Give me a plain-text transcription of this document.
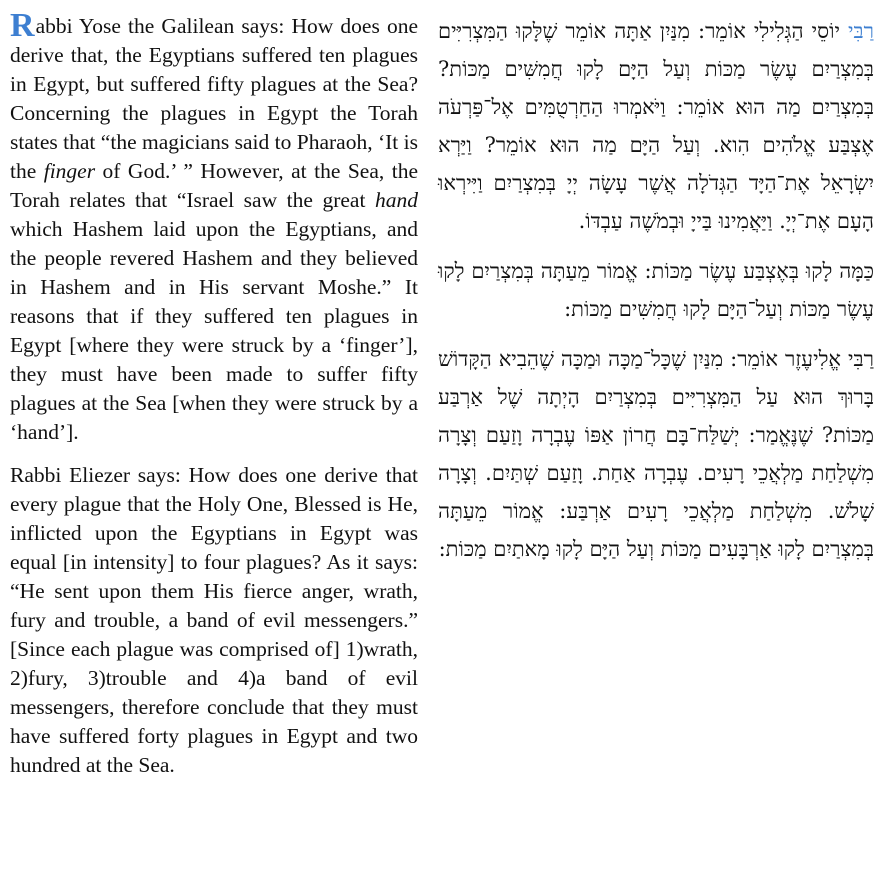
Rabbi Yose the Galilean says: How does one derive that, the Egyptians suffered ten plagues in Egypt, but suffered fifty plagues at the Sea? Concerning the plagues in Egypt the Torah states that “the magicians said to Pharaoh, ‘It is the finger of God.’ ” However, at the Sea, the Torah relates that “Israel saw the great hand which Hashem laid upon the Egyptians, and the people revered Hashem and they believed in Hashem and in His servant Moshe.” It reasons that if they suffered ten plagues in Egypt [where they were struck by a ‘finger’], they must have been made to suffer fifty plagues at the Sea [when they were struck by a ‘hand’].

Rabbi Eliezer says: How does one derive that every plague that the Holy One, Blessed is He, inflicted upon the Egyptians in Egypt was equal [in intensity] to four plagues? As it says: “He sent upon them His fierce anger, wrath, fury and trouble, a band of evil messengers.” [Since each plague was comprised of] 1)wrath, 2)fury, 3)trouble and 4)a band of evil messengers, therefore conclude that they must have suffered forty plagues in Egypt and two hundred at the Sea.

רַבִּי יוֹסֵי הַגְּלִילִי אוֹמֵר: מִנַּיִן אַתָּה אוֹמֵר שֶׁלָּקוּ הַמִּצְרִיִּים בְּמִצְרַיִם עֶשֶׂר מַכּוֹת וְעַל הַיָּם לָקוּ חֲמִשִּׁים מַכּוֹת? בְּמִצְרַיִם מַה הוּא אוֹמֵר: וַיֹּאמְרוּ הַחַרְטֻמִּים אֶל־פַּרְעֹה אֶצְבַּע אֱלֹהִים הִוא. וְעַל הַיָּם מַה הוּא אוֹמֵר? וַיַּרְא יִשְׂרָאֵל אֶת־הַיָּד הַגְּדֹלָה אֲשֶׁר עָשָׂה יְיָ בְּמִצְרַיִם וַיִּירְאוּ הָעָם אֶת־יְיָ. וַיַּאֲמִינוּ בַּייָ וּבְמֹשֶׁה עַבְדּוֹ.

כַּמָּה לָקוּ בְּאֶצְבַּע עֶשֶׂר מַכּוֹת: אֱמוֹר מֵעַתָּה בְּמִצְרַיִם לָקוּ עֶשֶׂר מַכּוֹת וְעַל־הַיָּם לָקוּ חֲמִשִּׁים מַכּוֹת:

רַבִּי אֱלִיעֶזֶר אוֹמֵר: מִנַּיִן שֶׁכָּל־מַכָּה וּמַכָּה שֶׁהֵבִיא הַקָּדוֹשׁ בָּרוּךְ הוּא עַל הַמִּצְרִיִּים בְּמִצְרַיִם הָיְתָה שֶׁל אַרְבַּע מַכּוֹת? שֶׁנֶּאֱמַר: יְשַׁלַּח־בָּם חֲרוֹן אַפּוֹ עֶבְרָה וָזַעַם וְצָרָה מִשְׁלַחַת מַלְאֲכֵי רָעִים. עֶבְרָה אַחַת. וָזַעַם שְׁתַּיִם. וְצָרָה שָׁלֹשׁ. מִשְׁלַחַת מַלְאֲכֵי רָעִים אַרְבַּע: אֱמוֹר מֵעַתָּה בְּמִצְרַיִם לָקוּ אַרְבָּעִים מַכּוֹת וְעַל הַיָּם לָקוּ מָאתַיִם מַכּוֹת:
